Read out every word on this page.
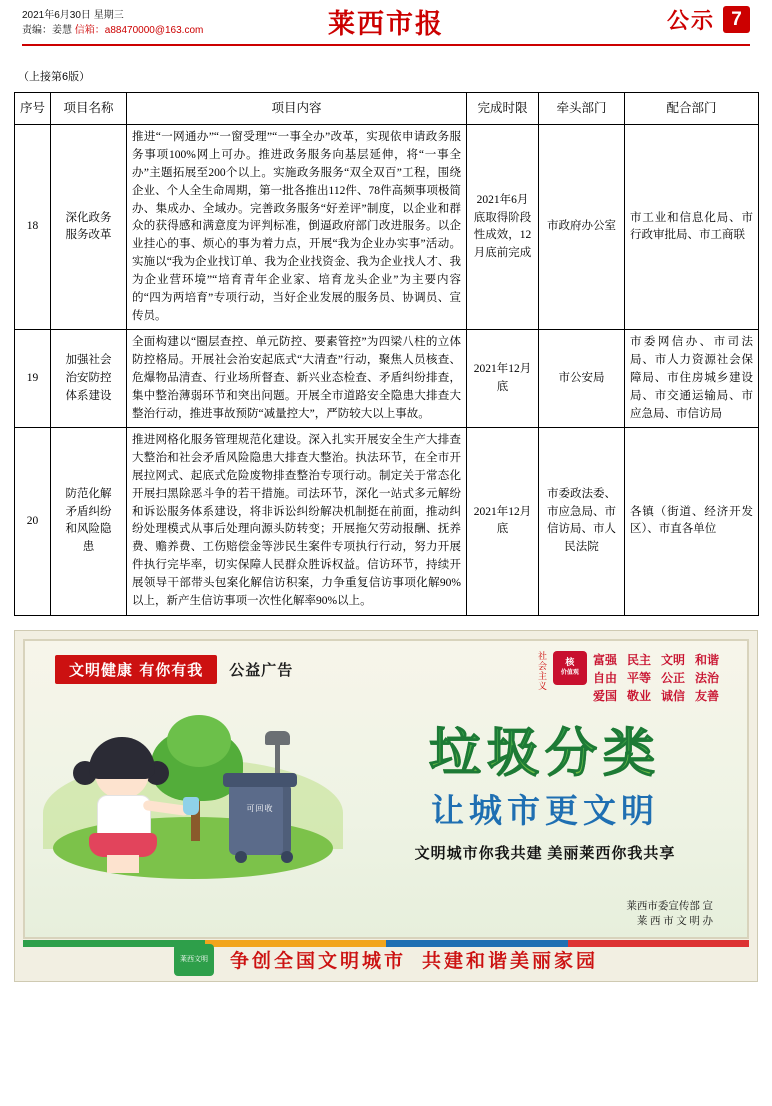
2021年6月30日 星期三
责编：姜慧 信箱：a88470000@163.com	莱西市报	公示 7
（上接第6版）
序号	项目名称	项目内容	完成时限	牵头部门	配合部门
18	深化政务
服务改革	推进“一网通办”“一窗受理”“一事全办”改革，实现依申请政务服务事项100%网上可办。推进政务服务向基层延伸，将“一事全办”主题拓展至200个以上。实施政务服务“双全双百”工程，围绕企业、个人全生命周期，第一批各推出112件、78件高频事项极简办、集成办、全域办。完善政务服务“好差评”制度，以企业和群众的获得感和满意度为评判标准，倒逼政府部门改进服务。以企业挂心的事、烦心的事为着力点，开展“我为企业办实事”活动。实施以“我为企业找订单、我为企业找资金、我为企业找人才、我为企业营环境”“培育青年企业家、培育龙头企业”为主要内容的“四为两培育”专项行动，当好企业发展的服务员、协调员、宣传员。	2021年6月底取得阶段性成效，12月底前完成	市政府办公室	市工业和信息化局、市行政审批局、市工商联
19	加强社会
治安防控
体系建设	全面构建以“圈层查控、单元防控、要素管控”为四梁八柱的立体防控格局。开展社会治安起底式“大清查”行动，聚焦人员核查、危爆物品清查、行业场所督查、新兴业态检查、矛盾纠纷排查，集中整治薄弱环节和突出问题。开展全市道路安全隐患大排查大整治行动，推进事故预防“减量控大”，严防较大以上事故。	2021年12月底	市公安局	市委网信办、市司法局、市人力资源社会保障局、市住房城乡建设局、市交通运输局、市应急局、市信访局
20	防范化解
矛盾纠纷
和风险隐
患	推进网格化服务管理规范化建设。深入扎实开展安全生产大排查大整治和社会矛盾风险隐患大排查大整治。执法环节，在全市开展拉网式、起底式危险废物排查整治专项行动。制定关于常态化开展扫黑除恶斗争的若干措施。司法环节，深化一站式多元解纷和诉讼服务体系建设，将非诉讼纠纷解决机制挺在前面，推动纠纷处理模式从事后处理向源头防转变；开展拖欠劳动报酬、抚养费、赡养费、工伤赔偿金等涉民生案件专项执行行动，努力开展件执行完毕率，切实保障人民群众胜诉权益。信访环节，持续开展领导干部带头包案化解信访积案，力争重复信访事项化解90%以上，新产生信访事项一次性化解率90%以上。	2021年12月底	市委政法委、市应急局、市信访局、市人民法院	各镇（街道、经济开发区）、市直各单位
文明健康 有你有我	公益广告	社会主义 核
价值观
富强 民主 文明 和谐
自由 平等 公正 法治
爱国 敬业 诚信 友善
可回收
垃圾分类
让城市更文明
文明城市你我共建 美丽莱西你我共享
莱西市委宣传部 宣
莱 西 市 文 明 办
莱西文明	争创全国文明城市 共建和谐美丽家园
